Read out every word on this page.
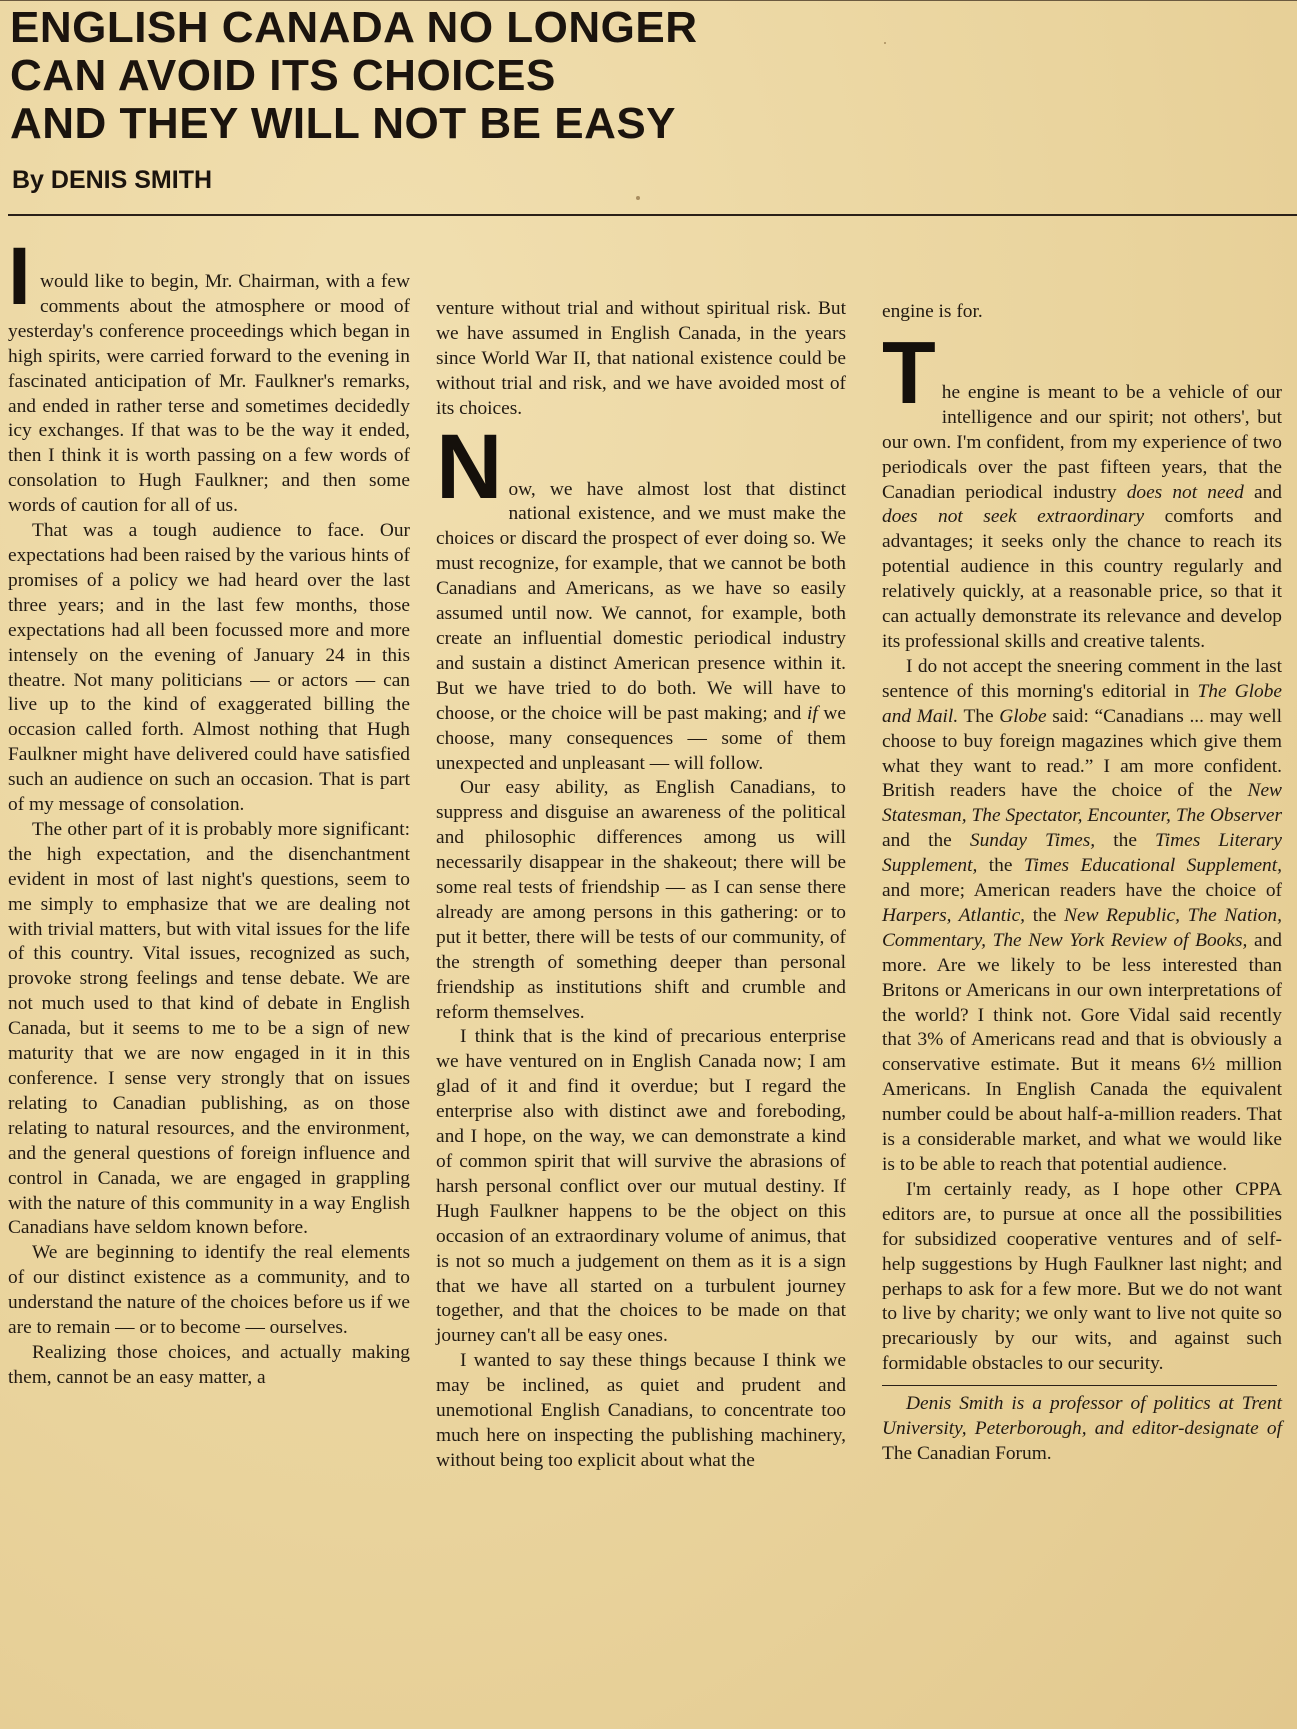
ENGLISH CANADA NO LONGER
CAN AVOID ITS CHOICES
AND THEY WILL NOT BE EASY
By DENIS SMITH

I would like to begin, Mr. Chairman, with a few comments about the atmosphere or mood of yesterday's conference proceedings which began in high spirits, were carried forward to the evening in fascinated anticipation of Mr. Faulkner's remarks, and ended in rather terse and sometimes decidedly icy exchanges. If that was to be the way it ended, then I think it is worth passing on a few words of consolation to Hugh Faulkner; and then some words of caution for all of us.

That was a tough audience to face. Our expectations had been raised by the various hints of promises of a policy we had heard over the last three years; and in the last few months, those expectations had all been focussed more and more intensely on the evening of January 24 in this theatre. Not many politicians — or actors — can live up to the kind of exaggerated billing the occasion called forth. Almost nothing that Hugh Faulkner might have delivered could have satisfied such an audience on such an occasion. That is part of my message of consolation.

The other part of it is probably more significant: the high expectation, and the disenchantment evident in most of last night's questions, seem to me simply to emphasize that we are dealing not with trivial matters, but with vital issues for the life of this country. Vital issues, recognized as such, provoke strong feelings and tense debate. We are not much used to that kind of debate in English Canada, but it seems to me to be a sign of new maturity that we are now engaged in it in this conference. I sense very strongly that on issues relating to Canadian publishing, as on those relating to natural resources, and the environment, and the general questions of foreign influence and control in Canada, we are engaged in grappling with the nature of this community in a way English Canadians have seldom known before.

We are beginning to identify the real elements of our distinct existence as a community, and to understand the nature of the choices before us if we are to remain — or to become — ourselves.

Realizing those choices, and actually making them, cannot be an easy matter, a

venture without trial and without spiritual risk. But we have assumed in English Canada, in the years since World War II, that national existence could be without trial and risk, and we have avoided most of its choices.

N ow, we have almost lost that distinct national existence, and we must make the choices or discard the prospect of ever doing so. We must recognize, for example, that we cannot be both Canadians and Americans, as we have so easily assumed until now. We cannot, for example, both create an influential domestic periodical industry and sustain a distinct American presence within it. But we have tried to do both. We will have to choose, or the choice will be past making; and if we choose, many consequences — some of them unexpected and unpleasant — will follow.

Our easy ability, as English Canadians, to suppress and disguise an awareness of the political and philosophic differences among us will necessarily disappear in the shakeout; there will be some real tests of friendship — as I can sense there already are among persons in this gathering: or to put it better, there will be tests of our community, of the strength of something deeper than personal friendship as institutions shift and crumble and reform themselves.

I think that is the kind of precarious enterprise we have ventured on in English Canada now; I am glad of it and find it overdue; but I regard the enterprise also with distinct awe and foreboding, and I hope, on the way, we can demonstrate a kind of common spirit that will survive the abrasions of harsh personal conflict over our mutual destiny. If Hugh Faulkner happens to be the object on this occasion of an extraordinary volume of animus, that is not so much a judgement on them as it is a sign that we have all started on a turbulent journey together, and that the choices to be made on that journey can't all be easy ones.

I wanted to say these things because I think we may be inclined, as quiet and prudent and unemotional English Canadians, to concentrate too much here on inspecting the publishing machinery, without being too explicit about what the

engine is for.

T he engine is meant to be a vehicle of our intelligence and our spirit; not others', but our own. I'm confident, from my experience of two periodicals over the past fifteen years, that the Canadian periodical industry does not need and does not seek extraordinary comforts and advantages; it seeks only the chance to reach its potential audience in this country regularly and relatively quickly, at a reasonable price, so that it can actually demonstrate its relevance and develop its professional skills and creative talents.

I do not accept the sneering comment in the last sentence of this morning's editorial in The Globe and Mail. The Globe said: “Canadians ... may well choose to buy foreign magazines which give them what they want to read.” I am more confident. British readers have the choice of the New Statesman, The Spectator, Encounter, The Observer and the Sunday Times, the Times Literary Supplement, the Times Educational Supplement, and more; American readers have the choice of Harpers, Atlantic, the New Republic, The Nation, Commentary, The New York Review of Books, and more. Are we likely to be less interested than Britons or Americans in our own interpretations of the world? I think not. Gore Vidal said recently that 3% of Americans read and that is obviously a conservative estimate. But it means 6½ million Americans. In English Canada the equivalent number could be about half-a-million readers. That is a considerable market, and what we would like is to be able to reach that potential audience.

I'm certainly ready, as I hope other CPPA editors are, to pursue at once all the possibilities for subsidized cooperative ventures and of self-help suggestions by Hugh Faulkner last night; and perhaps to ask for a few more. But we do not want to live by charity; we only want to live not quite so precariously by our wits, and against such formidable obstacles to our security.

Denis Smith is a professor of politics at Trent University, Peterborough, and editor-designate of The Canadian Forum.
